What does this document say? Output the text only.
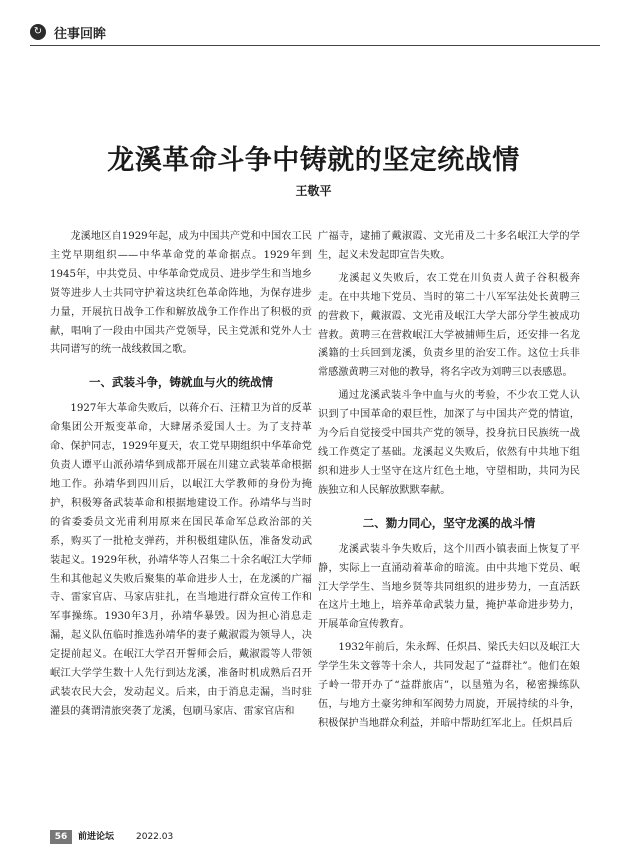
↻ 往事回眸
龙溪革命斗争中铸就的坚定统战情
王敬平

龙溪地区自1929年起，成为中国共产党和中国农工民主党早期组织——中华革命党的革命据点。1929年到1945年，中共党员、中华革命党成员、进步学生和当地乡贤等进步人士共同守护着这块红色革命阵地，为保存进步力量，开展抗日战争工作和解放战争工作作出了积极的贡献，唱响了一段由中国共产党领导，民主党派和党外人士共同谱写的统一战线救国之歌。

一、武装斗争，铸就血与火的统战情

1927年大革命失败后，以蒋介石、汪精卫为首的反革命集团公开叛变革命，大肆屠杀爱国人士。为了支持革命、保护同志，1929年夏天，农工党早期组织中华革命党负责人谭平山派孙靖华到成都开展在川建立武装革命根据地工作。孙靖华到四川后，以岷江大学教师的身份为掩护，积极筹备武装革命和根据地建设工作。孙靖华与当时的省委委员文光甫利用原来在国民革命军总政治部的关系，购买了一批枪支弹药，并积极组建队伍，准备发动武装起义。1929年秋，孙靖华等人召集二十余名岷江大学师生和其他起义失败后聚集的革命进步人士，在龙溪的广福寺、雷家官店、马家店驻扎，在当地进行群众宣传工作和军事操练。1930年3月，孙靖华暴毁。因为担心消息走漏，起义队伍临时推选孙靖华的妻子戴淑霞为领导人，决定提前起义。在岷江大学召开誓师会后，戴淑霞等人带领岷江大学学生数十人先行到达龙溪，准备时机成熟后召开武装农民大会，发动起义。后来，由于消息走漏，当时驻灌县的龚谓清旅突袭了龙溪，包刷马家店、雷家官店和

广福寺，逮捕了戴淑霞、文光甫及二十多名岷江大学的学生，起义未发起即宣告失败。

龙溪起义失败后，农工党在川负责人黄子谷积极奔走。在中共地下党员、当时的第二十八军军法处长黄聘三的营救下，戴淑霞、文光甫及岷江大学大部分学生被成功营救。黄聘三在营救岷江大学被捕师生后，还安排一名龙溪籍的士兵回到龙溪，负责乡里的治安工作。这位士兵非常感激黄聘三对他的教导，将名字改为刘聘三以表感恩。

通过龙溪武装斗争中血与火的考验，不少农工党人认识到了中国革命的艰巨性，加深了与中国共产党的情谊，为今后自觉接受中国共产党的领导，投身抗日民族统一战线工作奠定了基础。龙溪起义失败后，依然有中共地下组织和进步人士坚守在这片红色土地，守望相助，共同为民族独立和人民解放默默奉献。

二、勠力同心，坚守龙溪的战斗情

龙溪武装斗争失败后，这个川西小镇表面上恢复了平静，实际上一直涌动着革命的暗流。由中共地下党员、岷江大学学生、当地乡贤等共同组织的进步势力，一直活跃在这片土地上，培养革命武装力量，掩护革命进步势力，开展革命宣传教育。

1932年前后，朱永辉、任炽昌、梁氏夫妇以及岷江大学学生朱文蓉等十余人，共同发起了“益群社”。他们在娘子岭一带开办了“益群旅店”，以垦殖为名，秘密操练队伍，与地方土豪劣绅和军阀势力周旋，开展持续的斗争，积极保护当地群众利益，并暗中帮助红军北上。任炽昌后

56	前进论坛 2022.03
